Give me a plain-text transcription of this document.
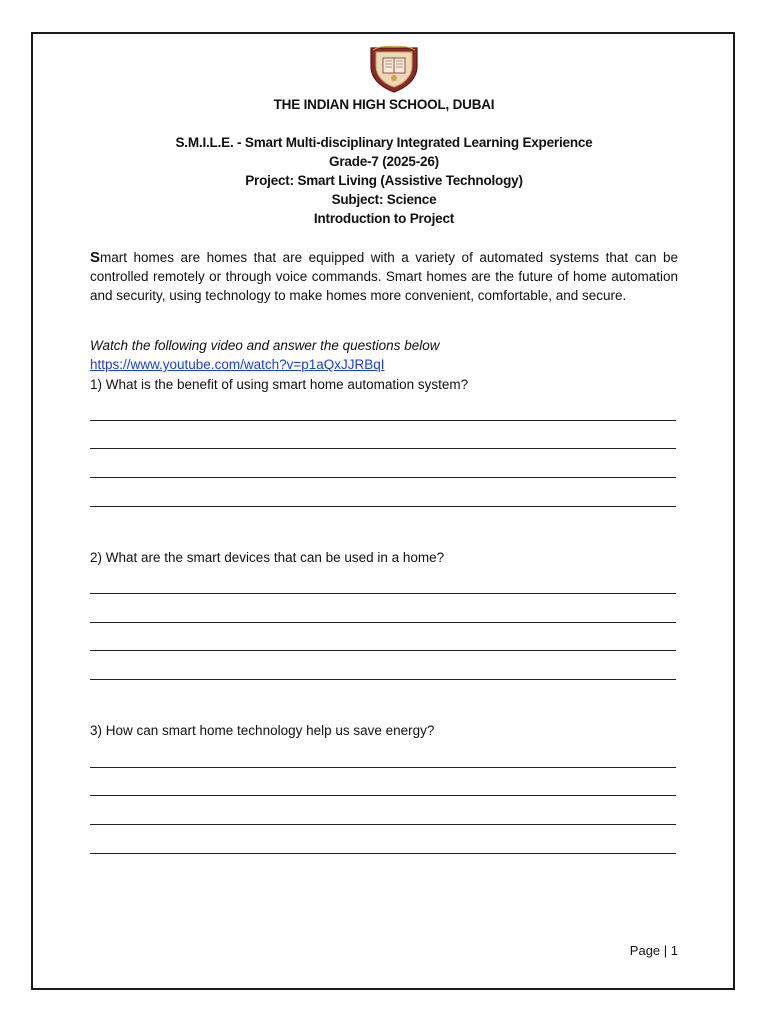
THE INDIAN HIGH SCHOOL, DUBAI
S.M.I.L.E. - Smart Multi-disciplinary Integrated Learning Experience
Grade-7 (2025-26)
Project: Smart Living (Assistive Technology)
Subject: Science
Introduction to Project
Smart homes are homes that are equipped with a variety of automated systems that can be controlled remotely or through voice commands. Smart homes are the future of home automation and security, using technology to make homes more convenient, comfortable, and secure.
Watch the following video and answer the questions below
https://www.youtube.com/watch?v=p1aQxJJRBqI
1) What is the benefit of using smart home automation system?
2) What are the smart devices that can be used in a home?
3) How can smart home technology help us save energy?
Page | 1
